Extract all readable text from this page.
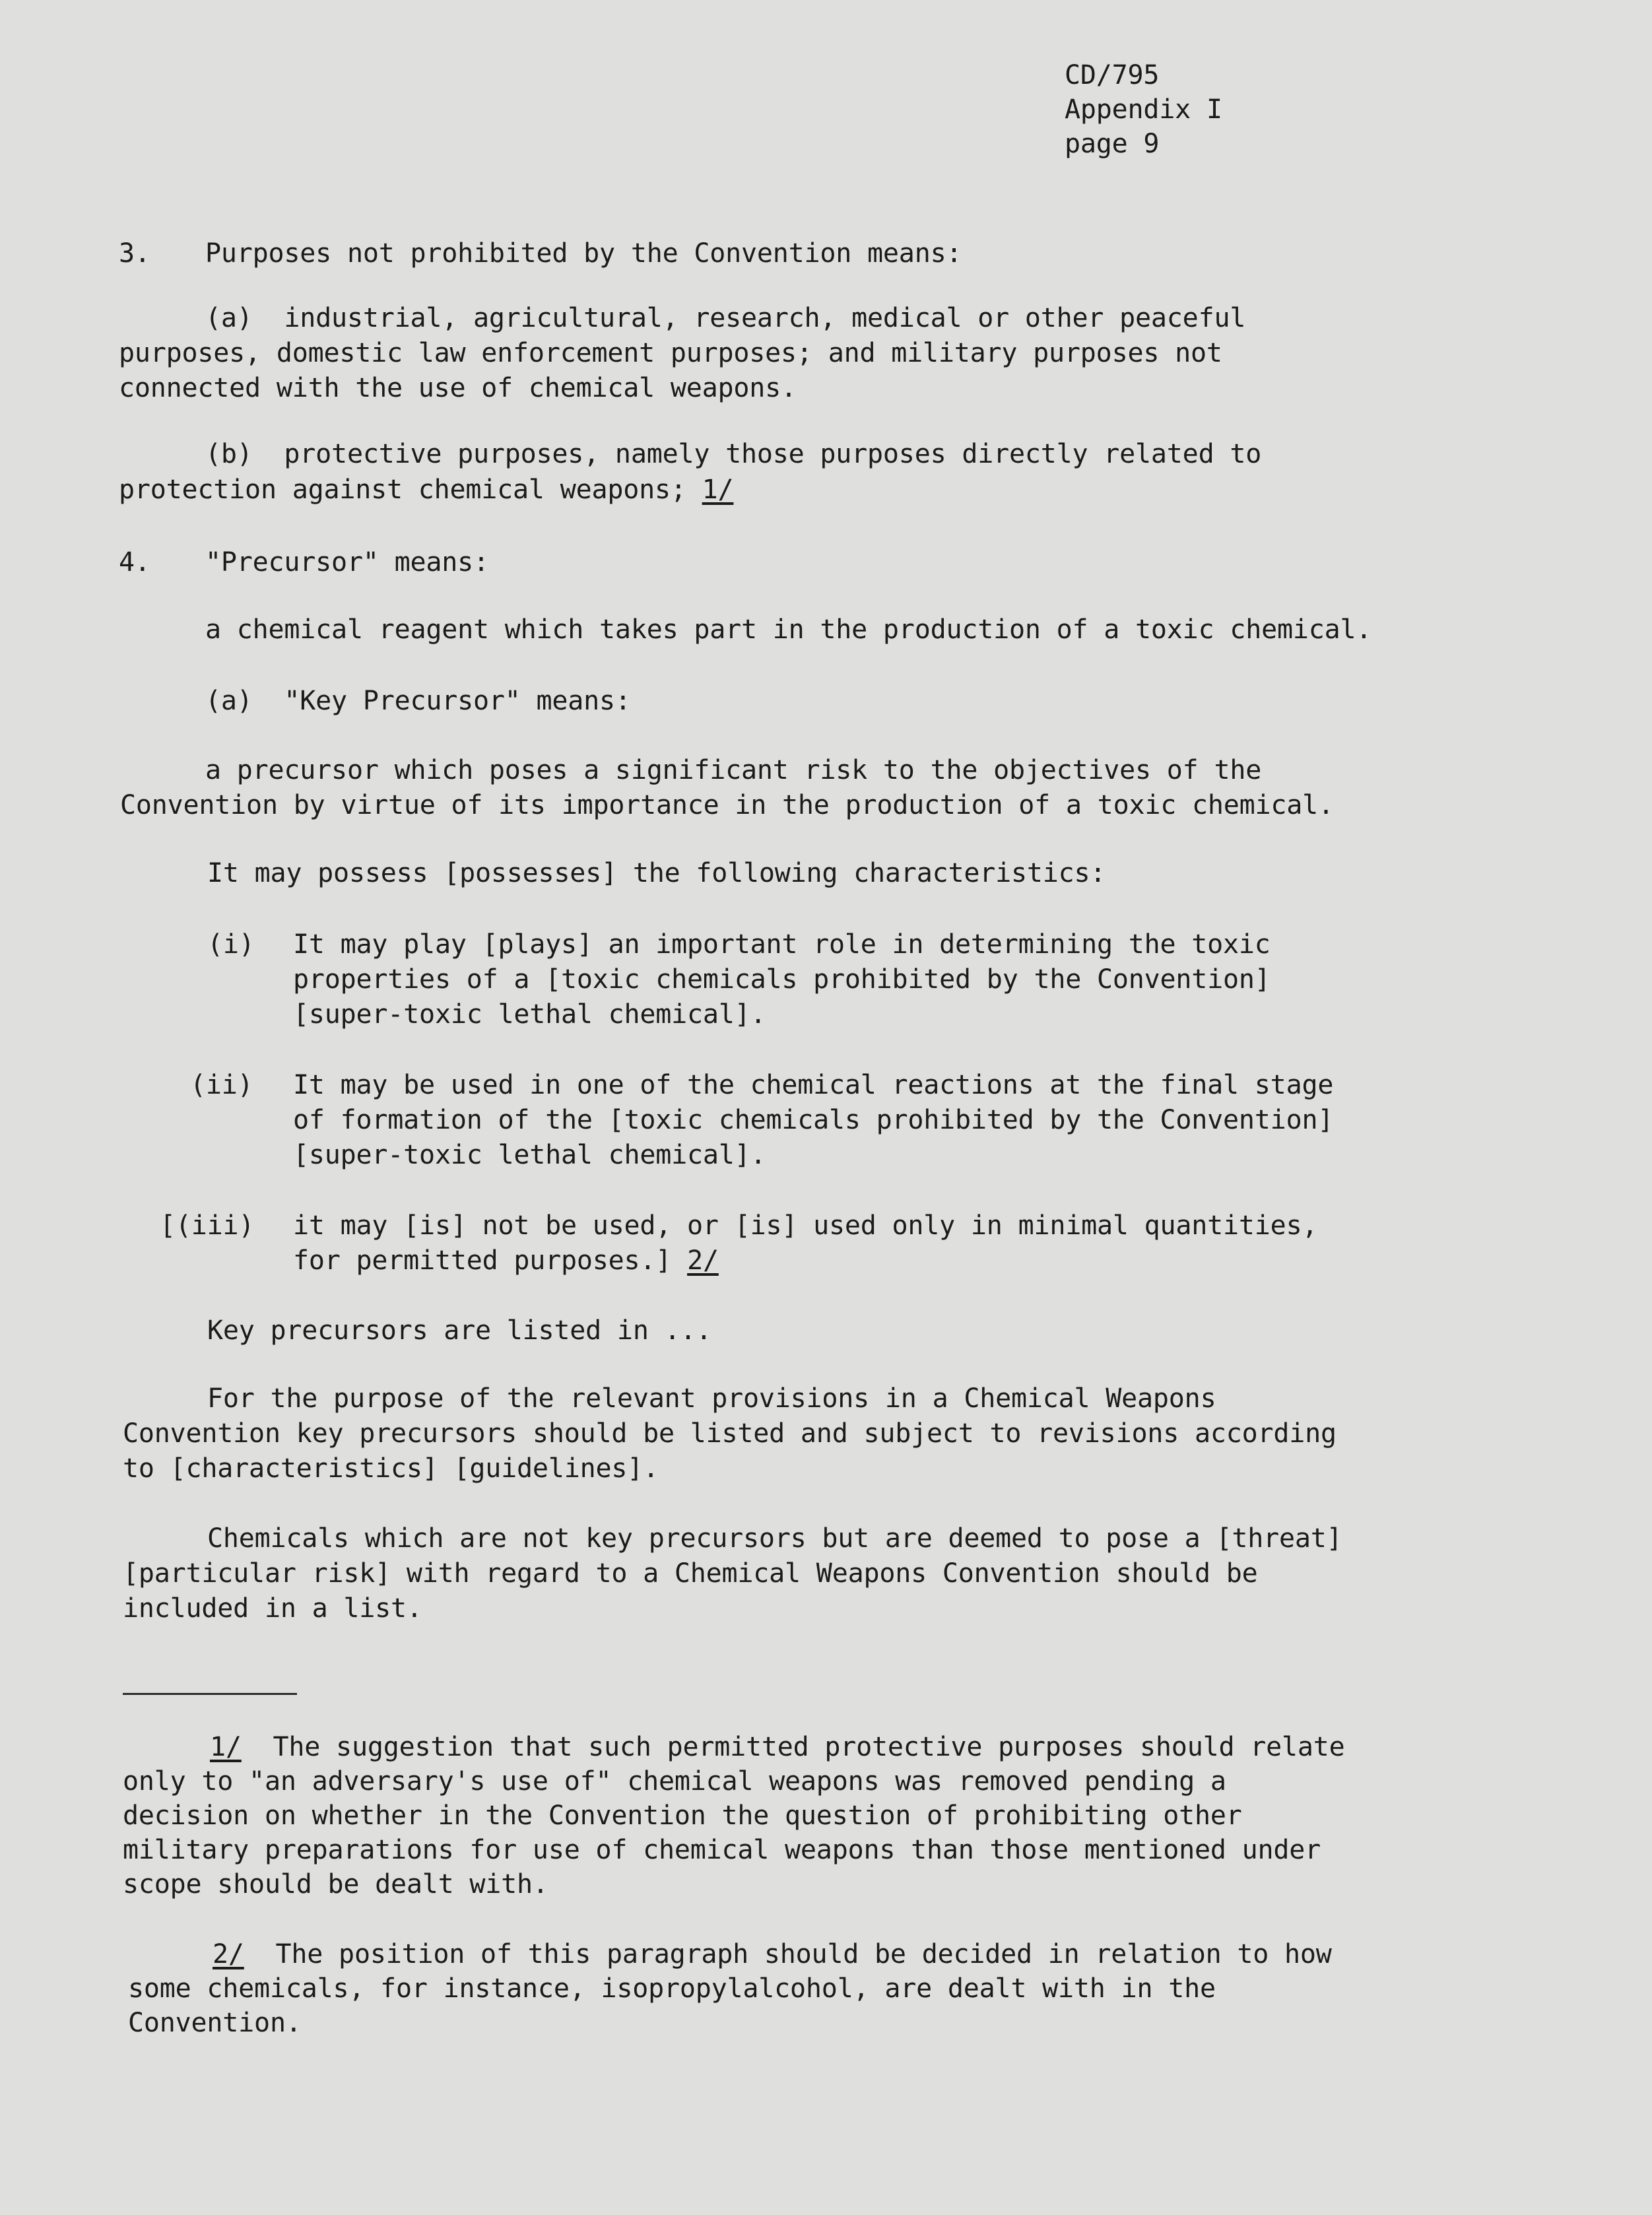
CD/795
Appendix I
page 9
3. Purposes not prohibited by the Convention means:
(a)  industrial, agricultural, research, medical or other peaceful
purposes, domestic law enforcement purposes; and military purposes not
connected with the use of chemical weapons.
(b)  protective purposes, namely those purposes directly related to
protection against chemical weapons; 1/
4. "Precursor" means:
a chemical reagent which takes part in the production of a toxic chemical.
(a)  "Key Precursor" means:
a precursor which poses a significant risk to the objectives of the
Convention by virtue of its importance in the production of a toxic chemical.
It may possess [possesses] the following characteristics:
(i) It may play [plays] an important role in determining the toxic
properties of a [toxic chemicals prohibited by the Convention]
[super-toxic lethal chemical].
(ii) It may be used in one of the chemical reactions at the final stage
of formation of the [toxic chemicals prohibited by the Convention]
[super-toxic lethal chemical].
[(iii) it may [is] not be used, or [is] used only in minimal quantities,
for permitted purposes.] 2/
Key precursors are listed in ...
For the purpose of the relevant provisions in a Chemical Weapons
Convention key precursors should be listed and subject to revisions according
to [characteristics] [guidelines].
Chemicals which are not key precursors but are deemed to pose a [threat]
[particular risk] with regard to a Chemical Weapons Convention should be
included in a list.
1/  The suggestion that such permitted protective purposes should relate
only to "an adversary's use of" chemical weapons was removed pending a
decision on whether in the Convention the question of prohibiting other
military preparations for use of chemical weapons than those mentioned under
scope should be dealt with.
2/  The position of this paragraph should be decided in relation to how
some chemicals, for instance, isopropylalcohol, are dealt with in the
Convention.
